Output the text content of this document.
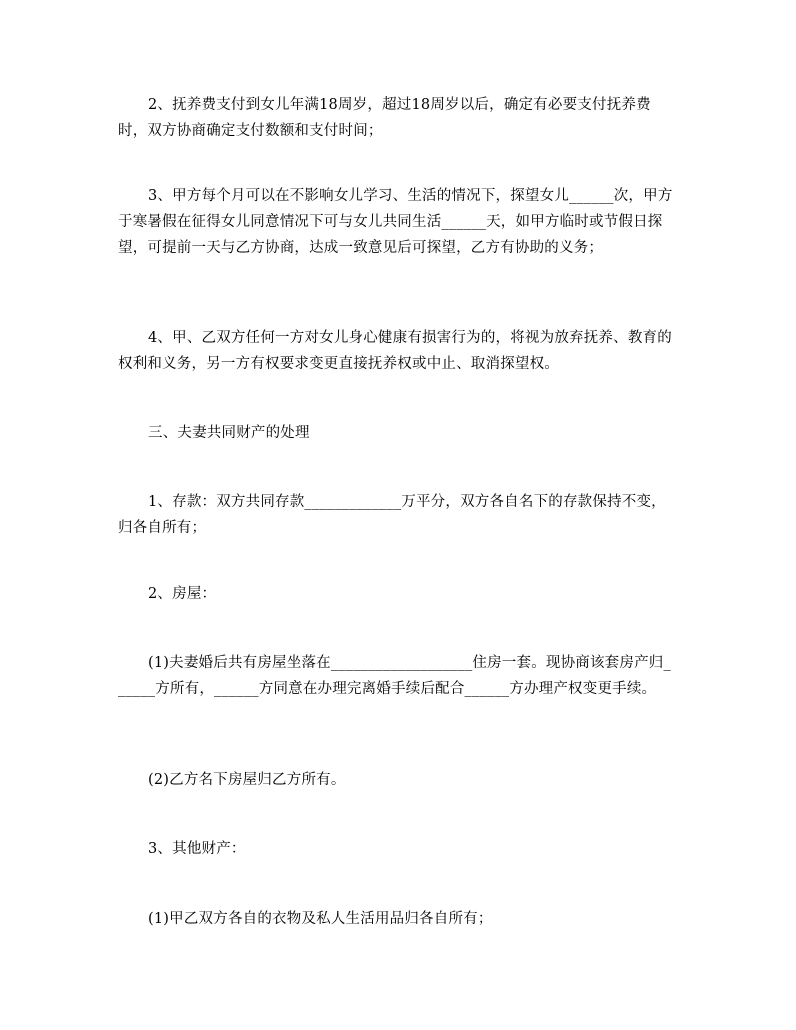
2、抚养费支付到女儿年满18周岁，超过18周岁以后，确定有必要支付抚养费时，双方协商确定支付数额和支付时间；

3、甲方每个月可以在不影响女儿学习、生活的情况下，探望女儿______次，甲方于寒暑假在征得女儿同意情况下可与女儿共同生活______天，如甲方临时或节假日探望，可提前一天与乙方协商，达成一致意见后可探望，乙方有协助的义务；

4、甲、乙双方任何一方对女儿身心健康有损害行为的，将视为放弃抚养、教育的权利和义务，另一方有权要求变更直接抚养权或中止、取消探望权。

三、夫妻共同财产的处理

1、存款：双方共同存款_____________万平分，双方各自名下的存款保持不变，归各自所有；

2、房屋：

(1)夫妻婚后共有房屋坐落在___________________住房一套。现协商该套房产归______方所有，______方同意在办理完离婚手续后配合______方办理产权变更手续。

(2)乙方名下房屋归乙方所有。

3、其他财产：

(1)甲乙双方各自的衣物及私人生活用品归各自所有；
